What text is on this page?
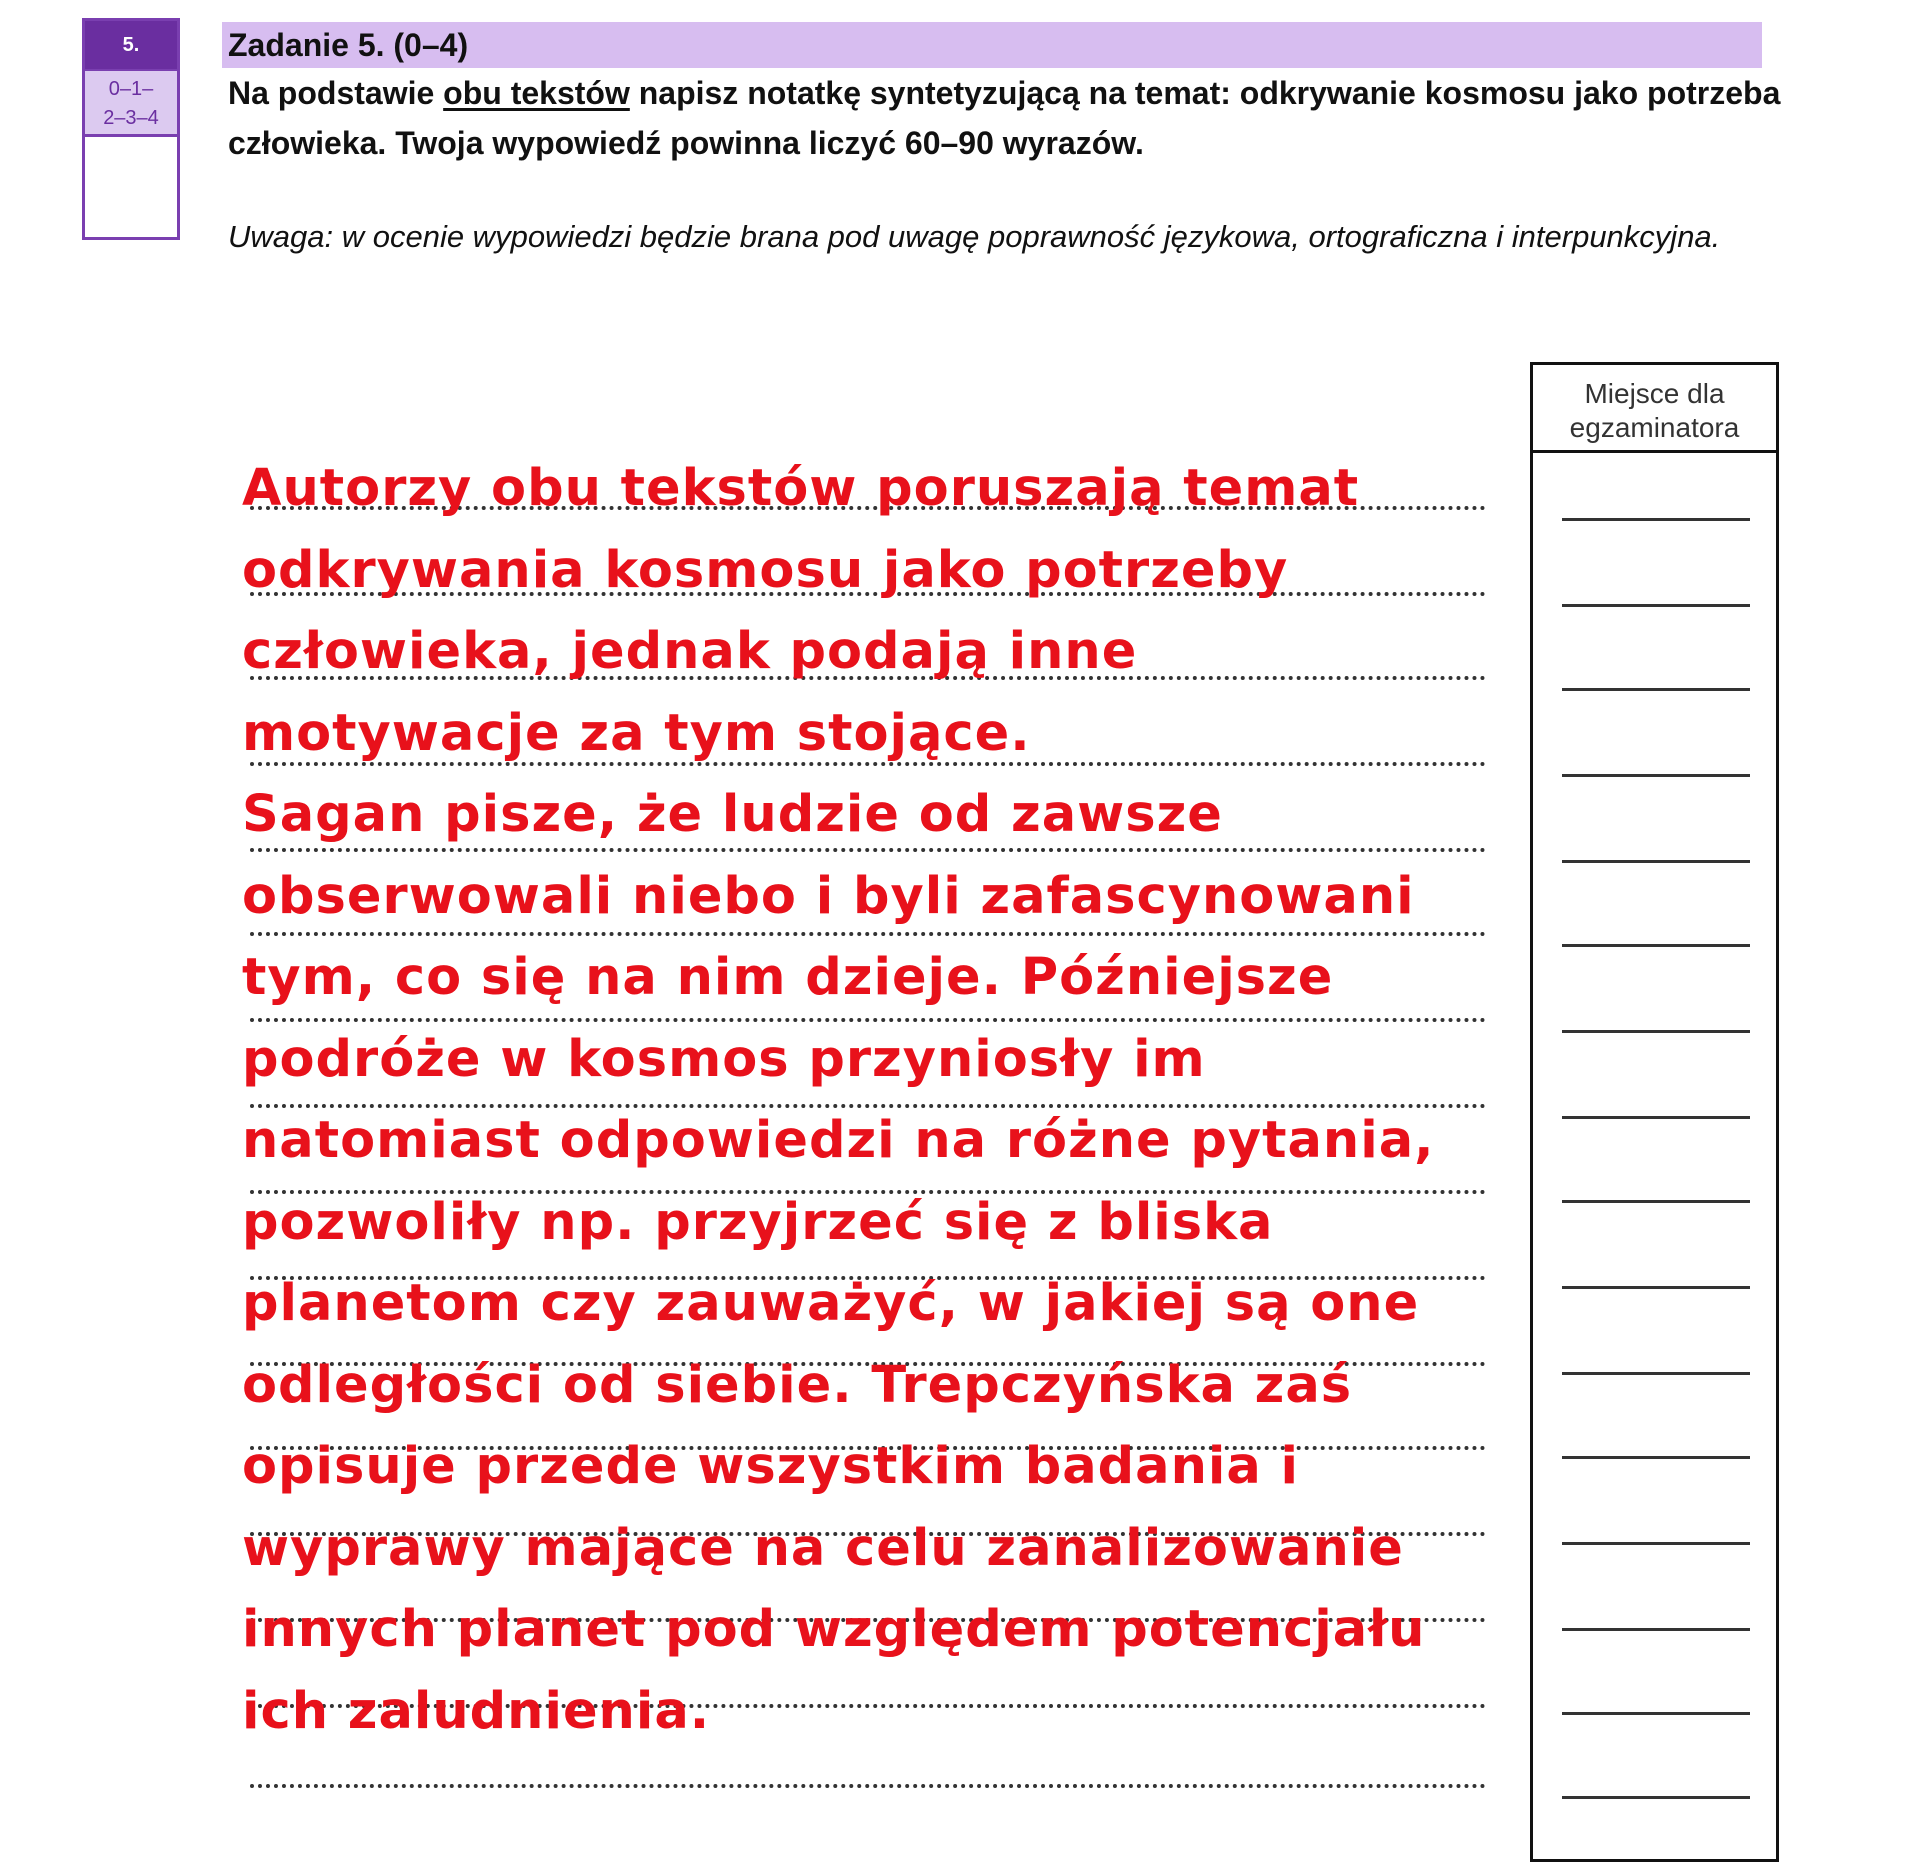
5.
0–1–
2–3–4
Zadanie 5. (0–4)
Na podstawie obu tekstów napisz notatkę syntetyzującą na temat: odkrywanie kosmosu jako potrzeba człowieka. Twoja wypowiedź powinna liczyć 60–90 wyrazów.
Uwaga: w ocenie wypowiedzi będzie brana pod uwagę poprawność językowa, ortograficzna i interpunkcyjna.
Autorzy obu tekstów poruszają temat
odkrywania kosmosu jako potrzeby
człowieka, jednak podają inne
motywacje za tym stojące.
Sagan pisze, że ludzie od zawsze
obserwowali niebo i byli zafascynowani
tym, co się na nim dzieje. Późniejsze
podróże w kosmos przyniosły im
natomiast odpowiedzi na różne pytania,
pozwoliły np. przyjrzeć się z bliska
planetom czy zauważyć, w jakiej są one
odległości od siebie. Trepczyńska zaś
opisuje przede wszystkim badania i
wyprawy mające na celu zanalizowanie
innych planet pod względem potencjału
ich zaludnienia.
Miejsce dla
egzaminatora
